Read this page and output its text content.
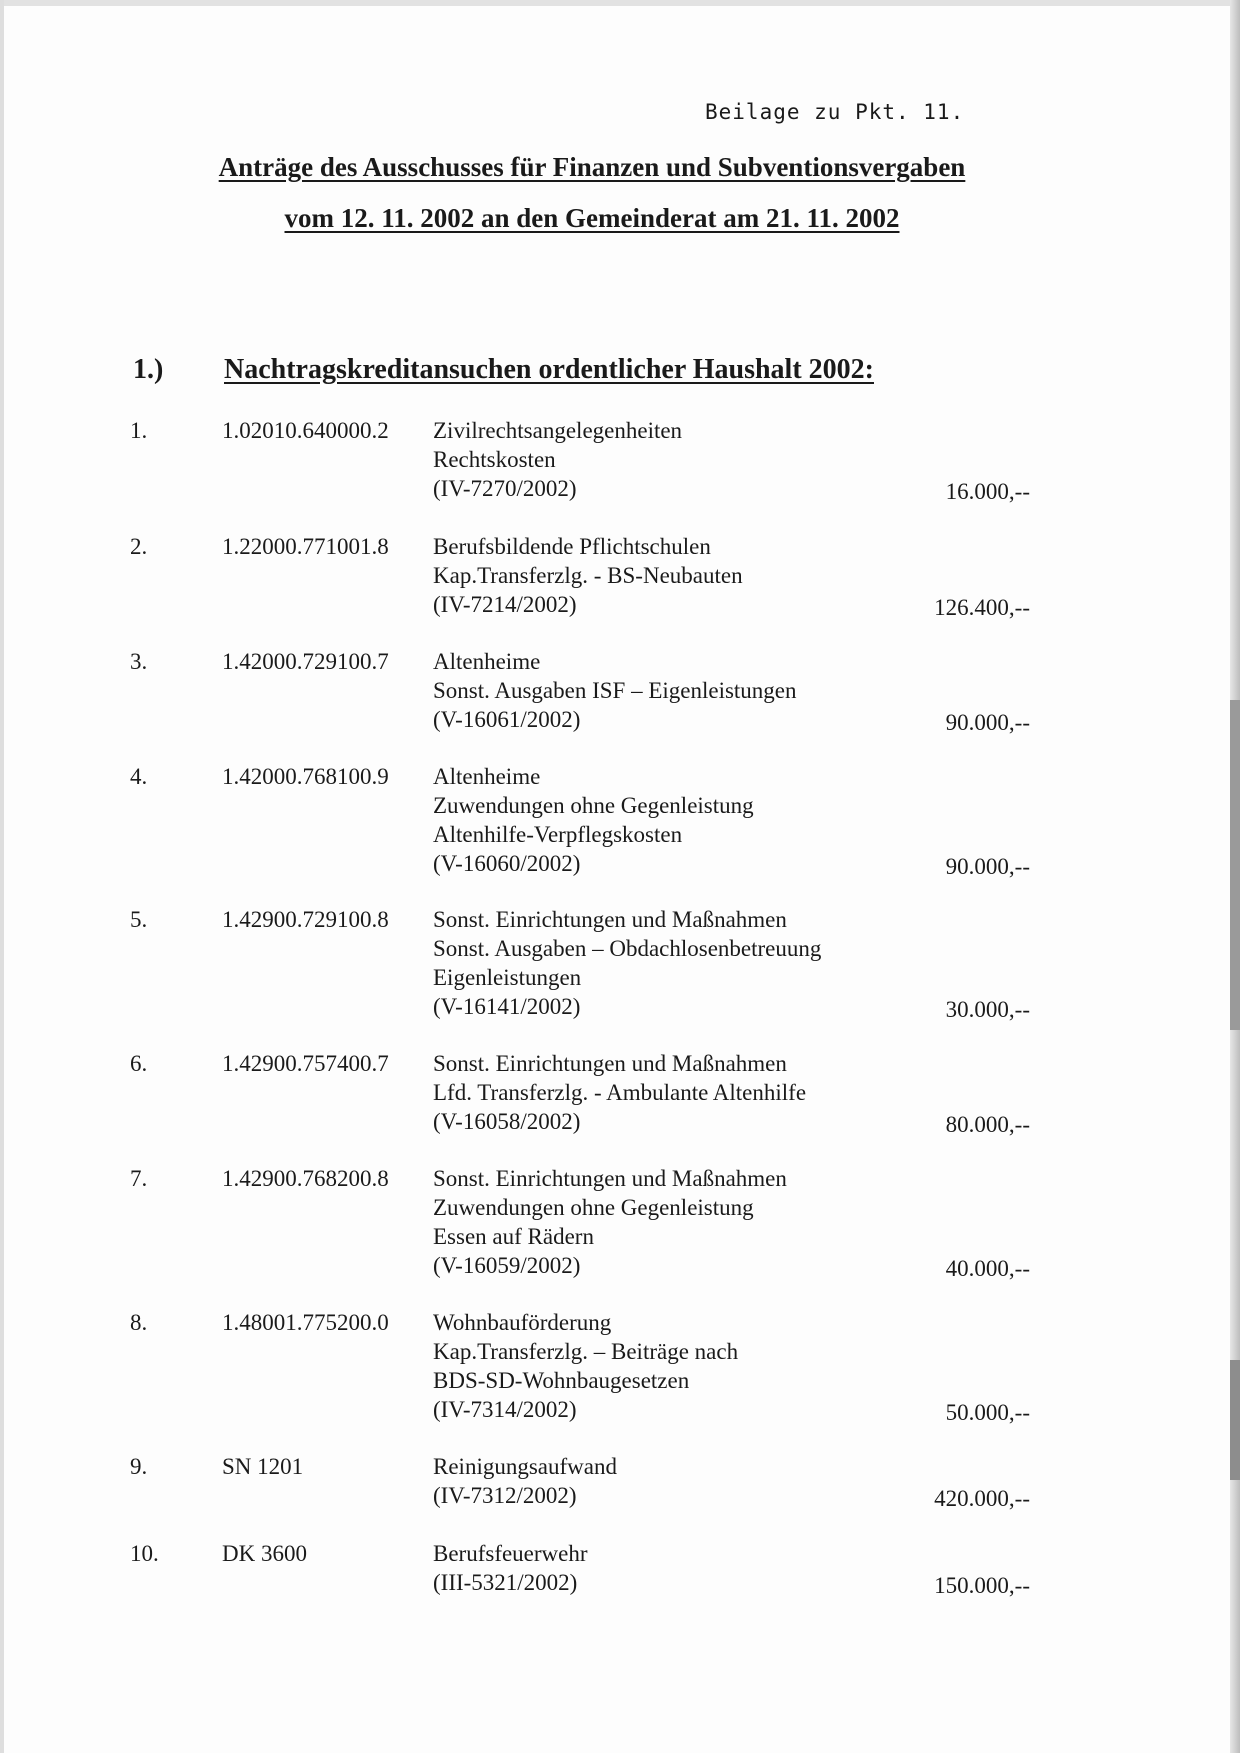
Beilage zu Pkt. 11.
Anträge des Ausschusses für Finanzen und Subventionsvergaben
vom 12. 11. 2002 an den Gemeinderat am 21. 11. 2002
1.) Nachtragskreditansuchen ordentlicher Haushalt 2002:
1.	1.02010.640000.2 Zivilrechtsangelegenheiten
Rechtskosten
(IV-7270/2002)	16.000,--
2.	1.22000.771001.8 Berufsbildende Pflichtschulen
Kap.Transferzlg. - BS-Neubauten
(IV-7214/2002)	126.400,--
3.	1.42000.729100.7 Altenheime
Sonst. Ausgaben ISF – Eigenleistungen
(V-16061/2002)	90.000,--
4.	1.42000.768100.9 Altenheime
Zuwendungen ohne Gegenleistung
Altenhilfe-Verpflegskosten
(V-16060/2002)	90.000,--
5.	1.42900.729100.8 Sonst. Einrichtungen und Maßnahmen
Sonst. Ausgaben – Obdachlosenbetreuung
Eigenleistungen
(V-16141/2002)	30.000,--
6.	1.42900.757400.7 Sonst. Einrichtungen und Maßnahmen
Lfd. Transferzlg. - Ambulante Altenhilfe
(V-16058/2002)	80.000,--
7.	1.42900.768200.8 Sonst. Einrichtungen und Maßnahmen
Zuwendungen ohne Gegenleistung
Essen auf Rädern
(V-16059/2002)	40.000,--
8.	1.48001.775200.0 Wohnbauförderung
Kap.Transferzlg. – Beiträge nach
BDS-SD-Wohnbaugesetzen
(IV-7314/2002)	50.000,--
9.	SN 1201	Reinigungsaufwand
(IV-7312/2002)	420.000,--
10.	DK 3600	Berufsfeuerwehr
(III-5321/2002)	150.000,--
